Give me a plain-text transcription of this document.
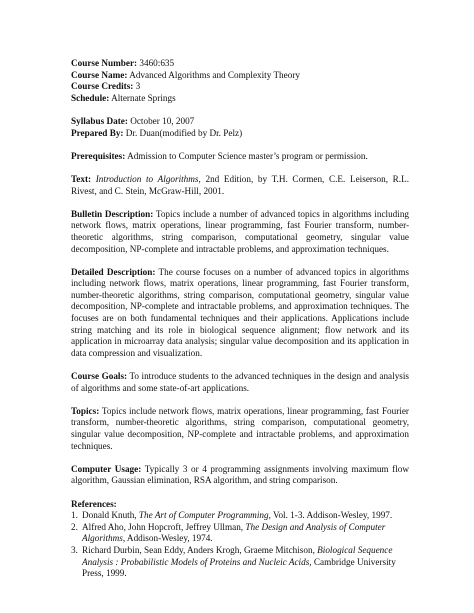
Course Number: 3460:635
Course Name: Advanced Algorithms and Complexity Theory
Course Credits: 3
Schedule: Alternate Springs
Syllabus Date: October 10, 2007
Prepared By: Dr. Duan(modified by Dr. Pelz)

Prerequisites: Admission to Computer Science master’s program or permission.

Text: Introduction to Algorithms, 2nd Edition, by T.H. Cormen, C.E. Leiserson, R.L. Rivest, and C. Stein, McGraw-Hill, 2001.

Bulletin Description: Topics include a number of advanced topics in algorithms including network flows, matrix operations, linear programming, fast Fourier transform, number-theoretic algorithms, string comparison, computational geometry, singular value decomposition, NP-complete and intractable problems, and approximation techniques.

Detailed Description: The course focuses on a number of advanced topics in algorithms including network flows, matrix operations, linear programming, fast Fourier transform, number-theoretic algorithms, string comparison, computational geometry, singular value decomposition, NP-complete and intractable problems, and approximation techniques. The focuses are on both fundamental techniques and their applications. Applications include string matching and its role in biological sequence alignment; flow network and its application in microarray data analysis; singular value decomposition and its application in data compression and visualization.

Course Goals: To introduce students to the advanced techniques in the design and analysis of algorithms and some state-of-art applications.

Topics: Topics include network flows, matrix operations, linear programming, fast Fourier transform, number-theoretic algorithms, string comparison, computational geometry, singular value decomposition, NP-complete and intractable problems, and approximation techniques.

Computer Usage: Typically 3 or 4 programming assignments involving maximum flow algorithm, Gaussian elimination, RSA algorithm, and string comparison.

References:
1. Donald Knuth, The Art of Computer Programming, Vol. 1-3. Addison-Wesley, 1997.
2. Alfred Aho, John Hopcroft, Jeffrey Ullman, The Design and Analysis of Computer Algorithms, Addison-Wesley, 1974.
3. Richard Durbin, Sean Eddy, Anders Krogh, Graeme Mitchison, Biological Sequence Analysis : Probabilistic Models of Proteins and Nucleic Acids, Cambridge University Press, 1999.
